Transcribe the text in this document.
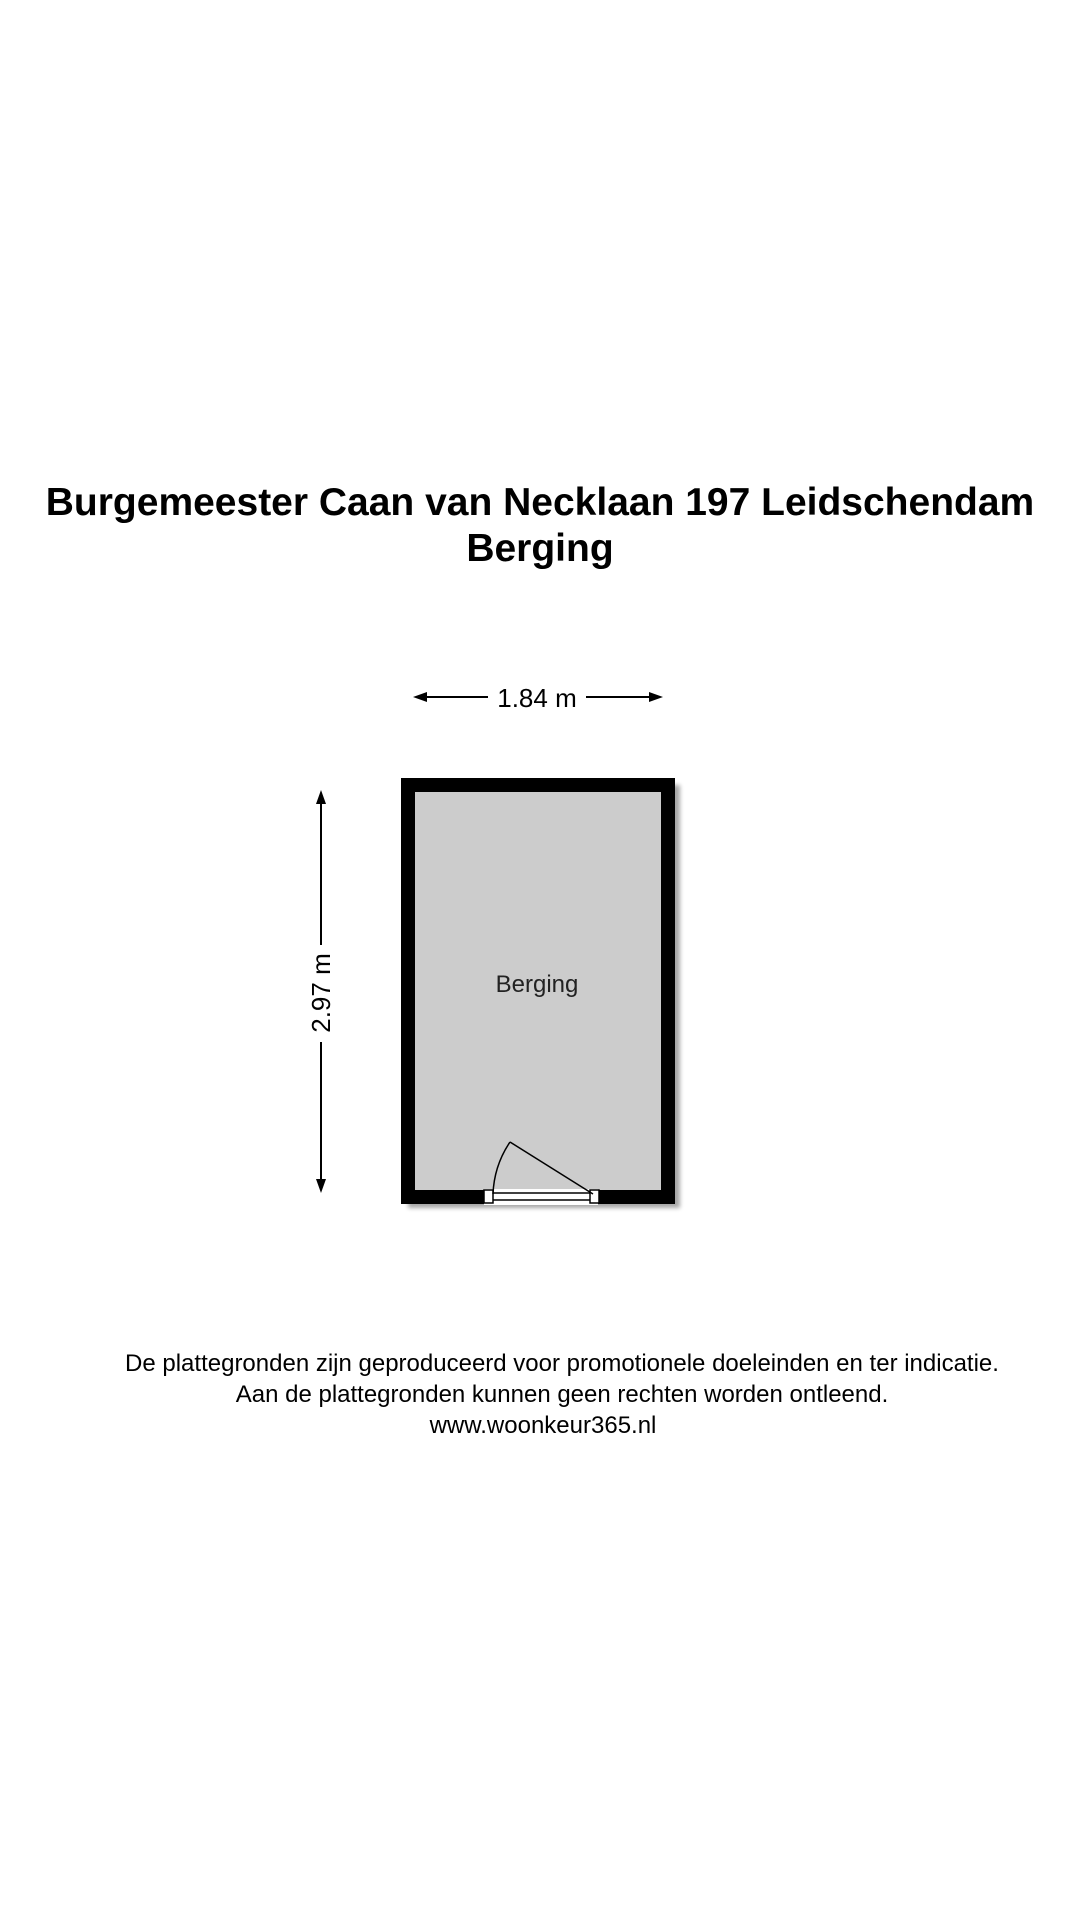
Burgemeester Caan van Necklaan 197 Leidschendam
Berging
1.84 m
2.97 m	Berging
De plattegronden zijn geproduceerd voor promotionele doeleinden en ter indicatie.
Aan de plattegronden kunnen geen rechten worden ontleend.
www.woonkeur365.nl
